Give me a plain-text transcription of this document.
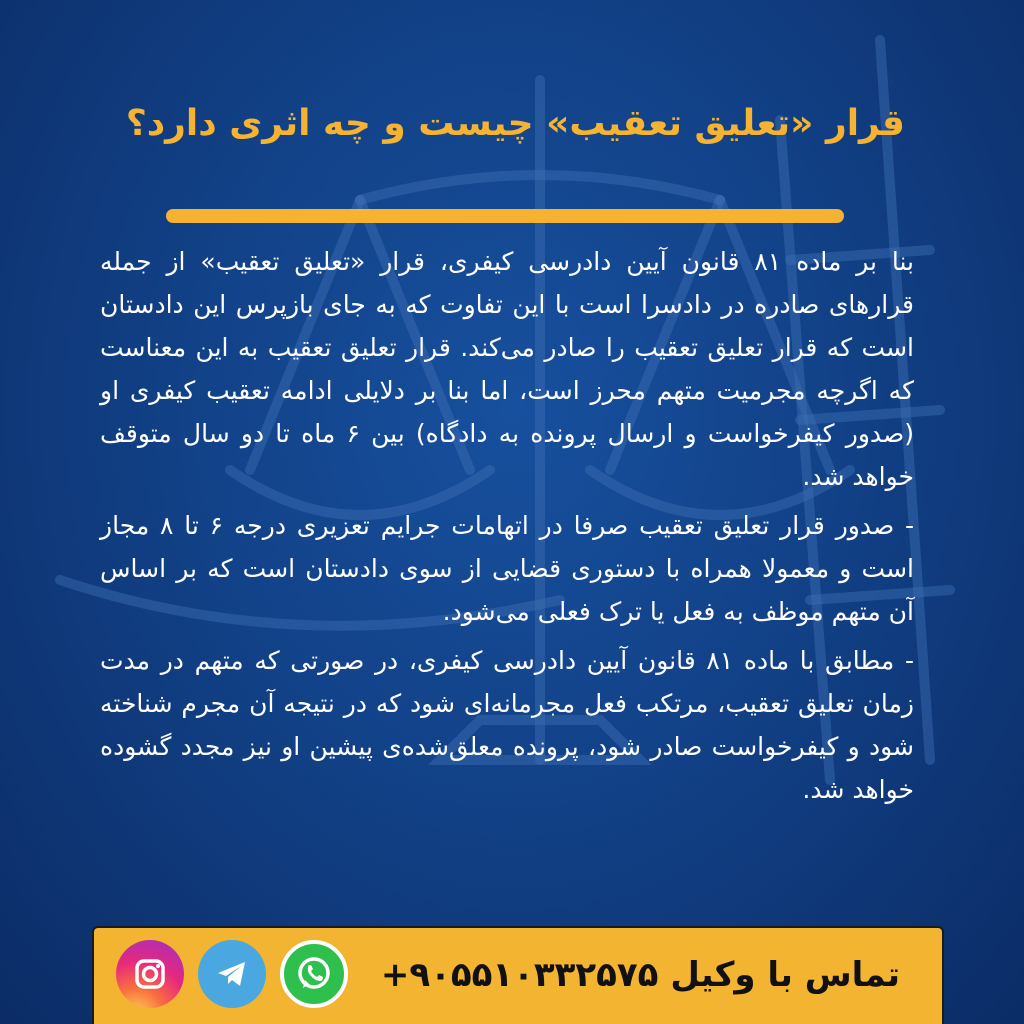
قرار «تعلیق تعقیب» چیست و چه اثری دارد؟

بنا بر ماده ۸۱ قانون آیین دادرسی کیفری، قرار «تعلیق تعقیب» از جمله قرارهای صادره در دادسرا است با این تفاوت که به جای بازپرس این دادستان است که قرار تعلیق تعقیب را صادر می‌کند. قرار تعلیق تعقیب به این معناست که اگرچه مجرمیت متهم محرز است، اما بنا بر دلایلی ادامه تعقیب کیفری او (صدور کیفرخواست و ارسال پرونده به دادگاه) بین ۶ ماه تا دو سال متوقف خواهد شد.

- صدور قرار تعلیق تعقیب صرفا در اتهامات جرایم تعزیری درجه ۶ تا ۸ مجاز است و معمولا همراه با دستوری قضایی از سوی دادستان است که بر اساس آن متهم موظف به فعل یا ترک فعلی می‌شود.

- مطابق با ماده ۸۱ قانون آیین دادرسی کیفری، در صورتی که متهم در مدت زمان تعلیق تعقیب، مرتکب فعل مجرمانه‌ای شود که در نتیجه آن مجرم شناخته شود و کیفرخواست صادر شود، پرونده معلق‌شده‌ی پیشین او نیز مجدد گشوده خواهد شد.

تماس با وکیل+۹۰۵۵۱۰۳۳۲۵۷۵
